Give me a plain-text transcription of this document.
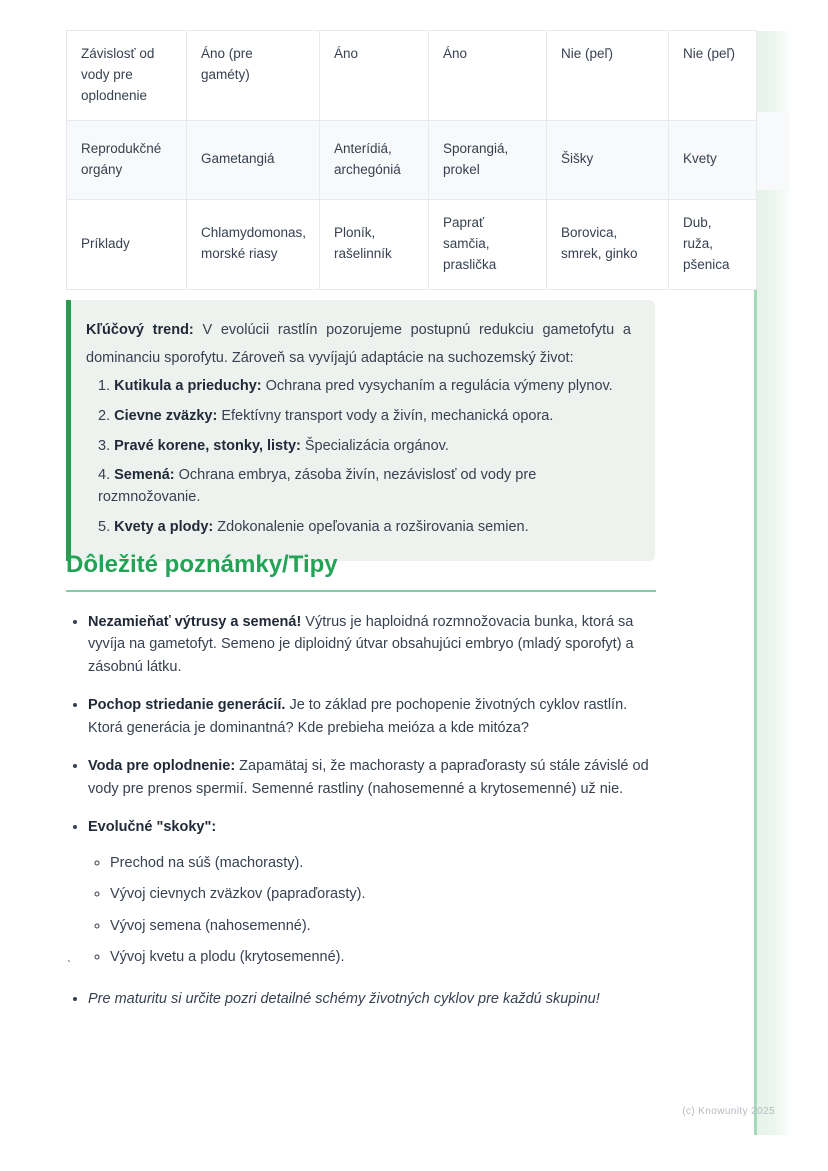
Závislosť od vody pre oplodnenie	Áno (pre gaméty)	Áno	Áno	Nie (peľ)	Nie (peľ)
Reprodukčné orgány	Gametangiá	Anterídiá, archegóniá	Sporangiá, prokel	Šišky	Kvety
Príklady	Chlamydomonas, morské riasy	Ploník, rašelinník	Paprať samčia, praslička	Borovica, smrek, ginko	Dub, ruža, pšenica

Kľúčový trend: V evolúcii rastlín pozorujeme postupnú redukciu gametofytu a dominanciu sporofytu. Zároveň sa vyvíjajú adaptácie na suchozemský život:

Kutikula a prieduchy: Ochrana pred vysychaním a regulácia výmeny plynov.
Cievne zväzky: Efektívny transport vody a živín, mechanická opora.
Pravé korene, stonky, listy: Špecializácia orgánov.
Semená: Ochrana embrya, zásoba živín, nezávislosť od vody pre rozmnožovanie.
Kvety a plody: Zdokonalenie opeľovania a rozširovania semien.
Dôležité poznámky/Tipy
• Nezamieňať výtrusy a semená! Výtrus je haploidná rozmnožovacia bunka, ktorá sa vyvíja na gametofyt. Semeno je diploidný útvar obsahujúci embryo (mladý sporofyt) a zásobnú látku.
• Pochop striedanie generácií. Je to základ pre pochopenie životných cyklov rastlín. Ktorá generácia je dominantná? Kde prebieha meióza a kde mitóza?
• Voda pre oplodnenie: Zapamätaj si, že machorasty a papraďorasty sú stále závislé od vody pre prenos spermií. Semenné rastliny (nahosemenné a krytosemenné) už nie.
• Evolučné "skoky":
◦ Prechod na súš (machorasty).
◦ Vývoj cievnych zväzkov (papraďorasty).
◦ Vývoj semena (nahosemenné).
◦ Vývoj kvetu a plodu (krytosemenné).
• Pre maturitu si určite pozri detailné schémy životných cyklov pre každú skupinu!
`
(c) Knowunity 2025
